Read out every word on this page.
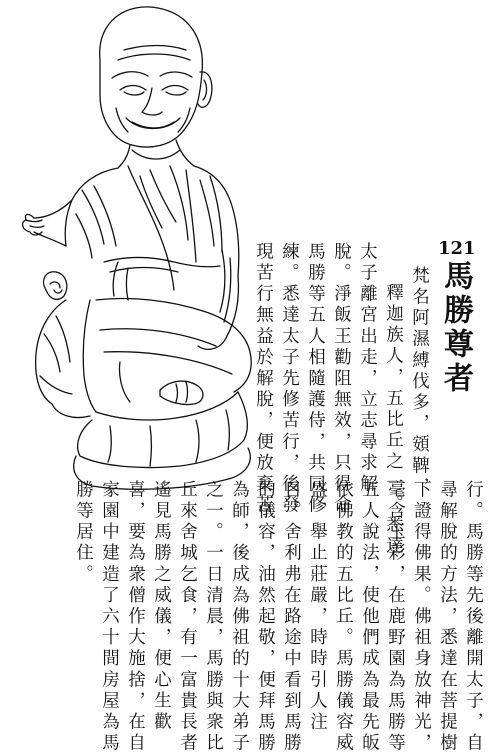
121
馬勝尊者
梵名阿濕縛伐多，頞鞞，
釋迦族人，五比丘之一。悉達
太子離宮出走，立志尋求解
脫。淨飯王勸阻無效，只得命
馬勝等五人相隨護侍，共同修
練。悉達太子先修苦行，後發
現苦行無益於解脫，便放棄苦
行。馬勝等先後離開太子，自
尋解脫的方法，悉達在菩提樹
下證得佛果。佛祖身放神光，
毫含玉彩，在鹿野園為馬勝等
五人說法，使他們成為最先皈
依佛教的五比丘。馬勝儀容威
盛，舉止莊嚴，時時引人注
目。舍利弗在路途中看到馬勝
的儀容，油然起敬，便拜馬勝
為師，後成為佛祖的十大弟子
之一。一日清晨，馬勝與衆比
丘來舍城乞食，有一富貴長者
遙見馬勝之威儀，便心生歡
喜，要為衆僧作大施捨，在自
家園中建造了六十間房屋為馬
勝等居住。
